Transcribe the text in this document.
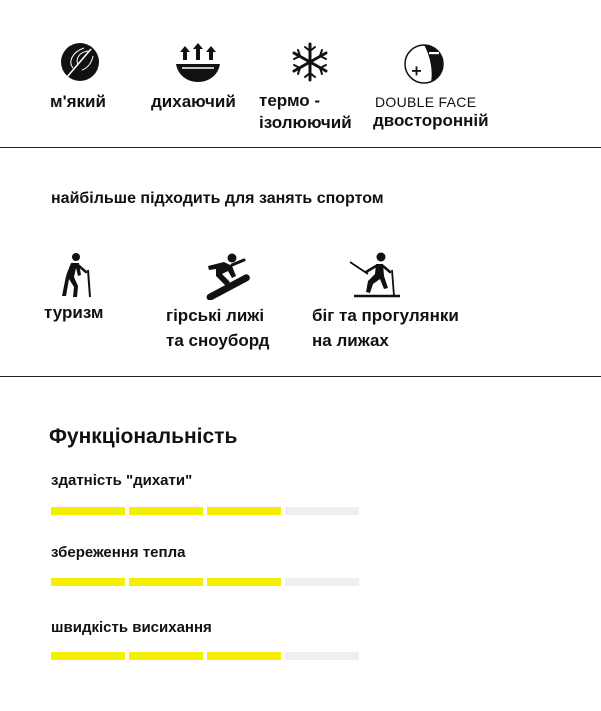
м'який	дихаючий термо -
ізолюючий
DOUBLE FACE
двосторонній
найбільше підходить для занять спортом
туризм	гірські лижі
та сноуборд
біг та прогулянки
на лижах
Функціональність
здатність "дихати"
збереження тепла
швидкість висихання
